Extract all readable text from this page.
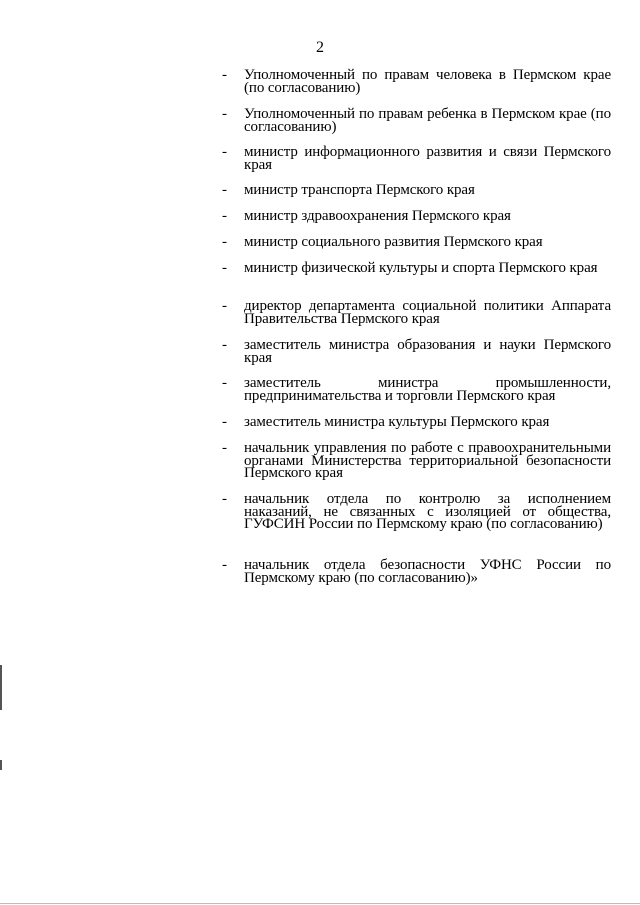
2
- Уполномоченный по правам человека в Пермском крае (по согласованию)
- Уполномоченный по правам ребенка в Пермском крае (по согласованию)
- министр информационного развития и связи Пермского края
- министр транспорта Пермского края
- министр здравоохранения Пермского края
- министр социального развития Пермского края
- министр физической культуры и спорта Пермского края
- директор департамента социальной политики Аппарата Правительства Пермского края
- заместитель министра образования и науки Пермского края
- заместитель министра промышленности, предпринимательства и торговли Пермского края
- заместитель министра культуры Пермского края
- начальник управления по работе с правоохранительными органами Министерства территориальной безопасности Пермского края
- начальник отдела по контролю за исполнением наказаний, не связанных с изоляцией от общества, ГУФСИН России по Пермскому краю (по согласованию)
- начальник отдела безопасности УФНС России по Пермскому краю (по согласованию)»
